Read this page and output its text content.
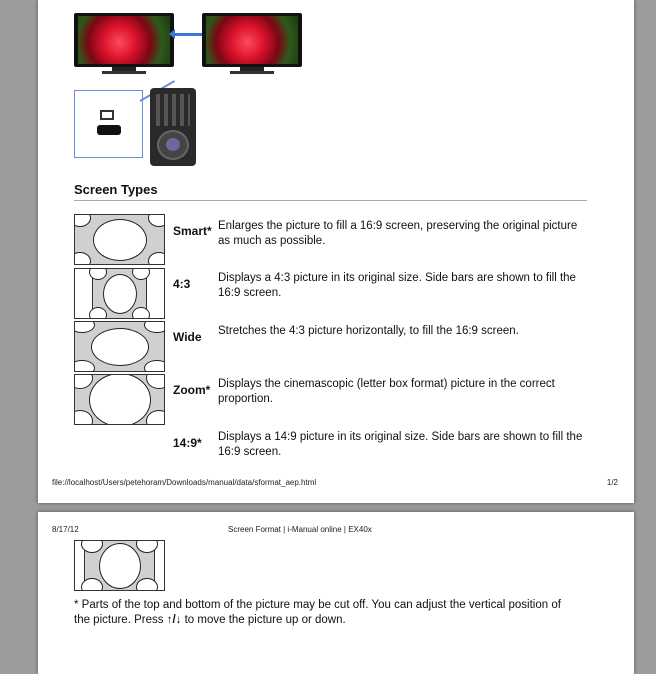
Screen Types
Smart* Enlarges the picture to fill a 16:9 screen, preserving the original picture as much as possible.
4:3 Displays a 4:3 picture in its original size. Side bars are shown to fill the 16:9 screen.
Wide Stretches the 4:3 picture horizontally, to fill the 16:9 screen.
Zoom* Displays the cinemascopic (letter box format) picture in the correct proportion.
14:9* Displays a 14:9 picture in its original size. Side bars are shown to fill the 16:9 screen.
file://localhost/Users/petehoram/Downloads/manual/data/sformat_aep.html	1/2
8/17/12	Screen Format | i-Manual online | EX40x
* Parts of the top and bottom of the picture may be cut off. You can adjust the vertical position of
the picture. Press ↑/↓ to move the picture up or down.
